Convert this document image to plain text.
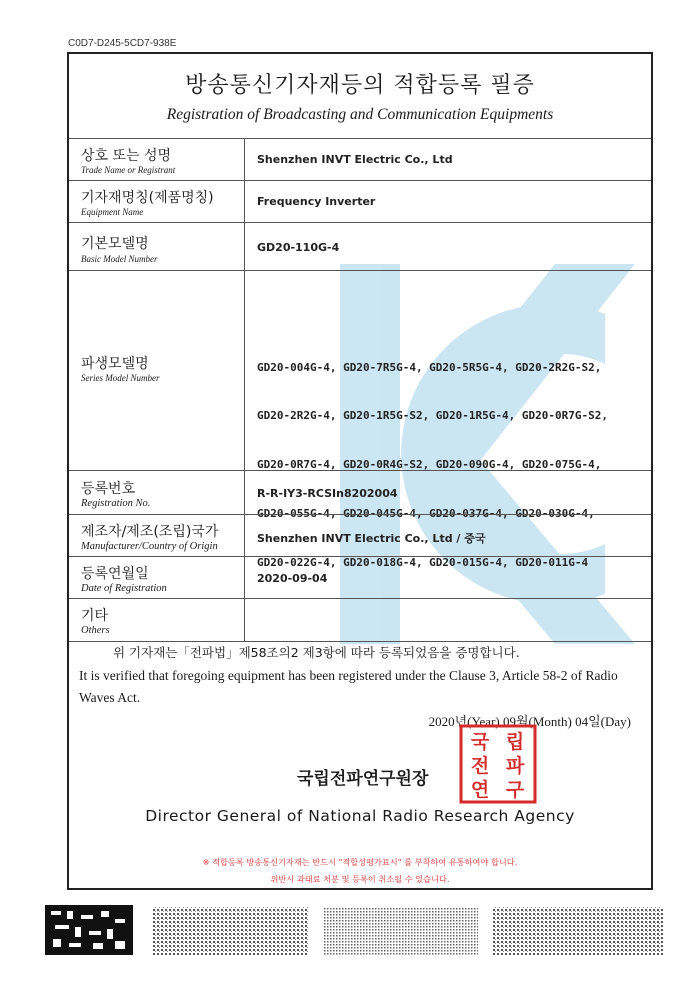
C0D7-D245-5CD7-938E
방송통신기자재등의 적합등록 필증
Registration of Broadcasting and Communication Equipments
상호 또는 성명
Trade Name or Registrant
Shenzhen INVT Electric Co., Ltd
기자재명칭(제품명칭)
Equipment Name
Frequency Inverter
기본모델명
Basic Model Number
GD20-110G-4
파생모델명
Series Model Number

GD20-004G-4, GD20-7R5G-4, GD20-5R5G-4, GD20-2R2G-S2,

GD20-2R2G-4, GD20-1R5G-S2, GD20-1R5G-4, GD20-0R7G-S2,

GD20-0R7G-4, GD20-0R4G-S2, GD20-090G-4, GD20-075G-4,

GD20-055G-4, GD20-045G-4, GD20-037G-4, GD20-030G-4,

GD20-022G-4, GD20-018G-4, GD20-015G-4, GD20-011G-4

등록번호
Registration No.
R-R-IY3-RCSIn8202004
제조자/제조(조립)국가
Manufacturer/Country of Origin
Shenzhen INVT Electric Co., Ltd / 중국
등록연월일
Date of Registration
2020-09-04
기타
Others
위 기자재는「전파법」제58조의2 제3항에 따라 등록되었음을 증명합니다.
It is verified that foregoing equipment has been registered under the Clause 3, Article 58-2 of Radio Waves Act.
2020년(Year) 09월(Month) 04일(Day)
국립전파연구원장
국 립
전 파
연 구
Director General of National Radio Research Agency
※ 적합등록 방송통신기자재는 반드시 "적합성평가표시" 를 부착하여 유통하여야 합니다.
위반시 과태료 처분 및 등록이 취소될 수 있습니다.
